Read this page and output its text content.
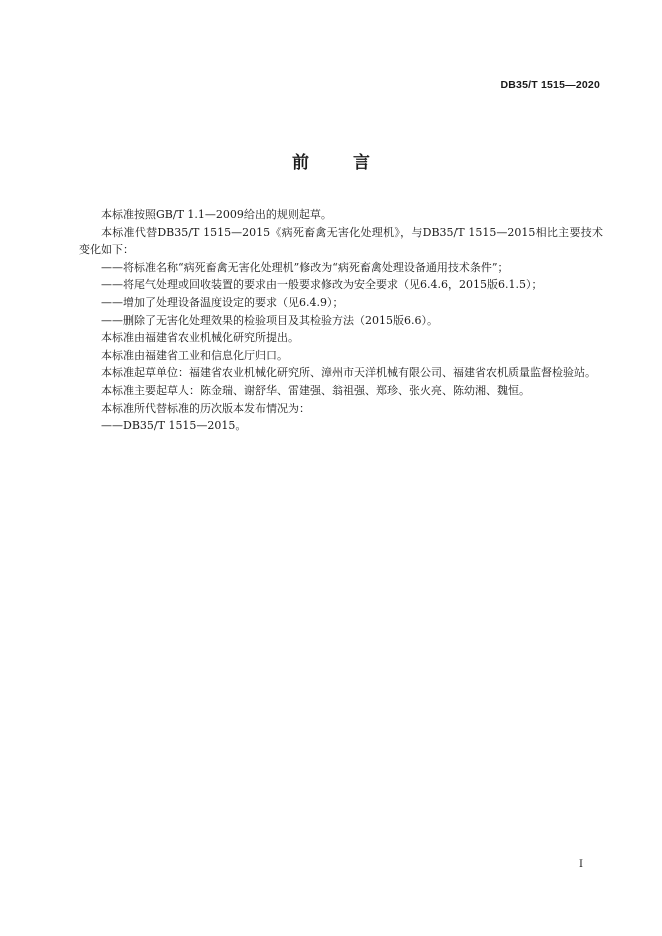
DB35/T 1515—2020
前 言

本标准按照GB/T 1.1—2009给出的规则起草。

本标准代替DB35/T 1515—2015《病死畜禽无害化处理机》，与DB35/T 1515—2015相比主要技术变化如下：

——将标准名称“病死畜禽无害化处理机”修改为“病死畜禽处理设备通用技术条件”；

——将尾气处理或回收装置的要求由一般要求修改为安全要求（见6.4.6，2015版6.1.5）；

——增加了处理设备温度设定的要求（见6.4.9）；

——删除了无害化处理效果的检验项目及其检验方法（2015版6.6）。

本标准由福建省农业机械化研究所提出。

本标准由福建省工业和信息化厅归口。

本标准起草单位：福建省农业机械化研究所、漳州市天洋机械有限公司、福建省农机质量监督检验站。

本标准主要起草人：陈金瑞、谢舒华、雷建强、翁祖强、郑珍、张火亮、陈幼湘、魏恒。

本标准所代替标准的历次版本发布情况为：

——DB35/T 1515—2015。

I
